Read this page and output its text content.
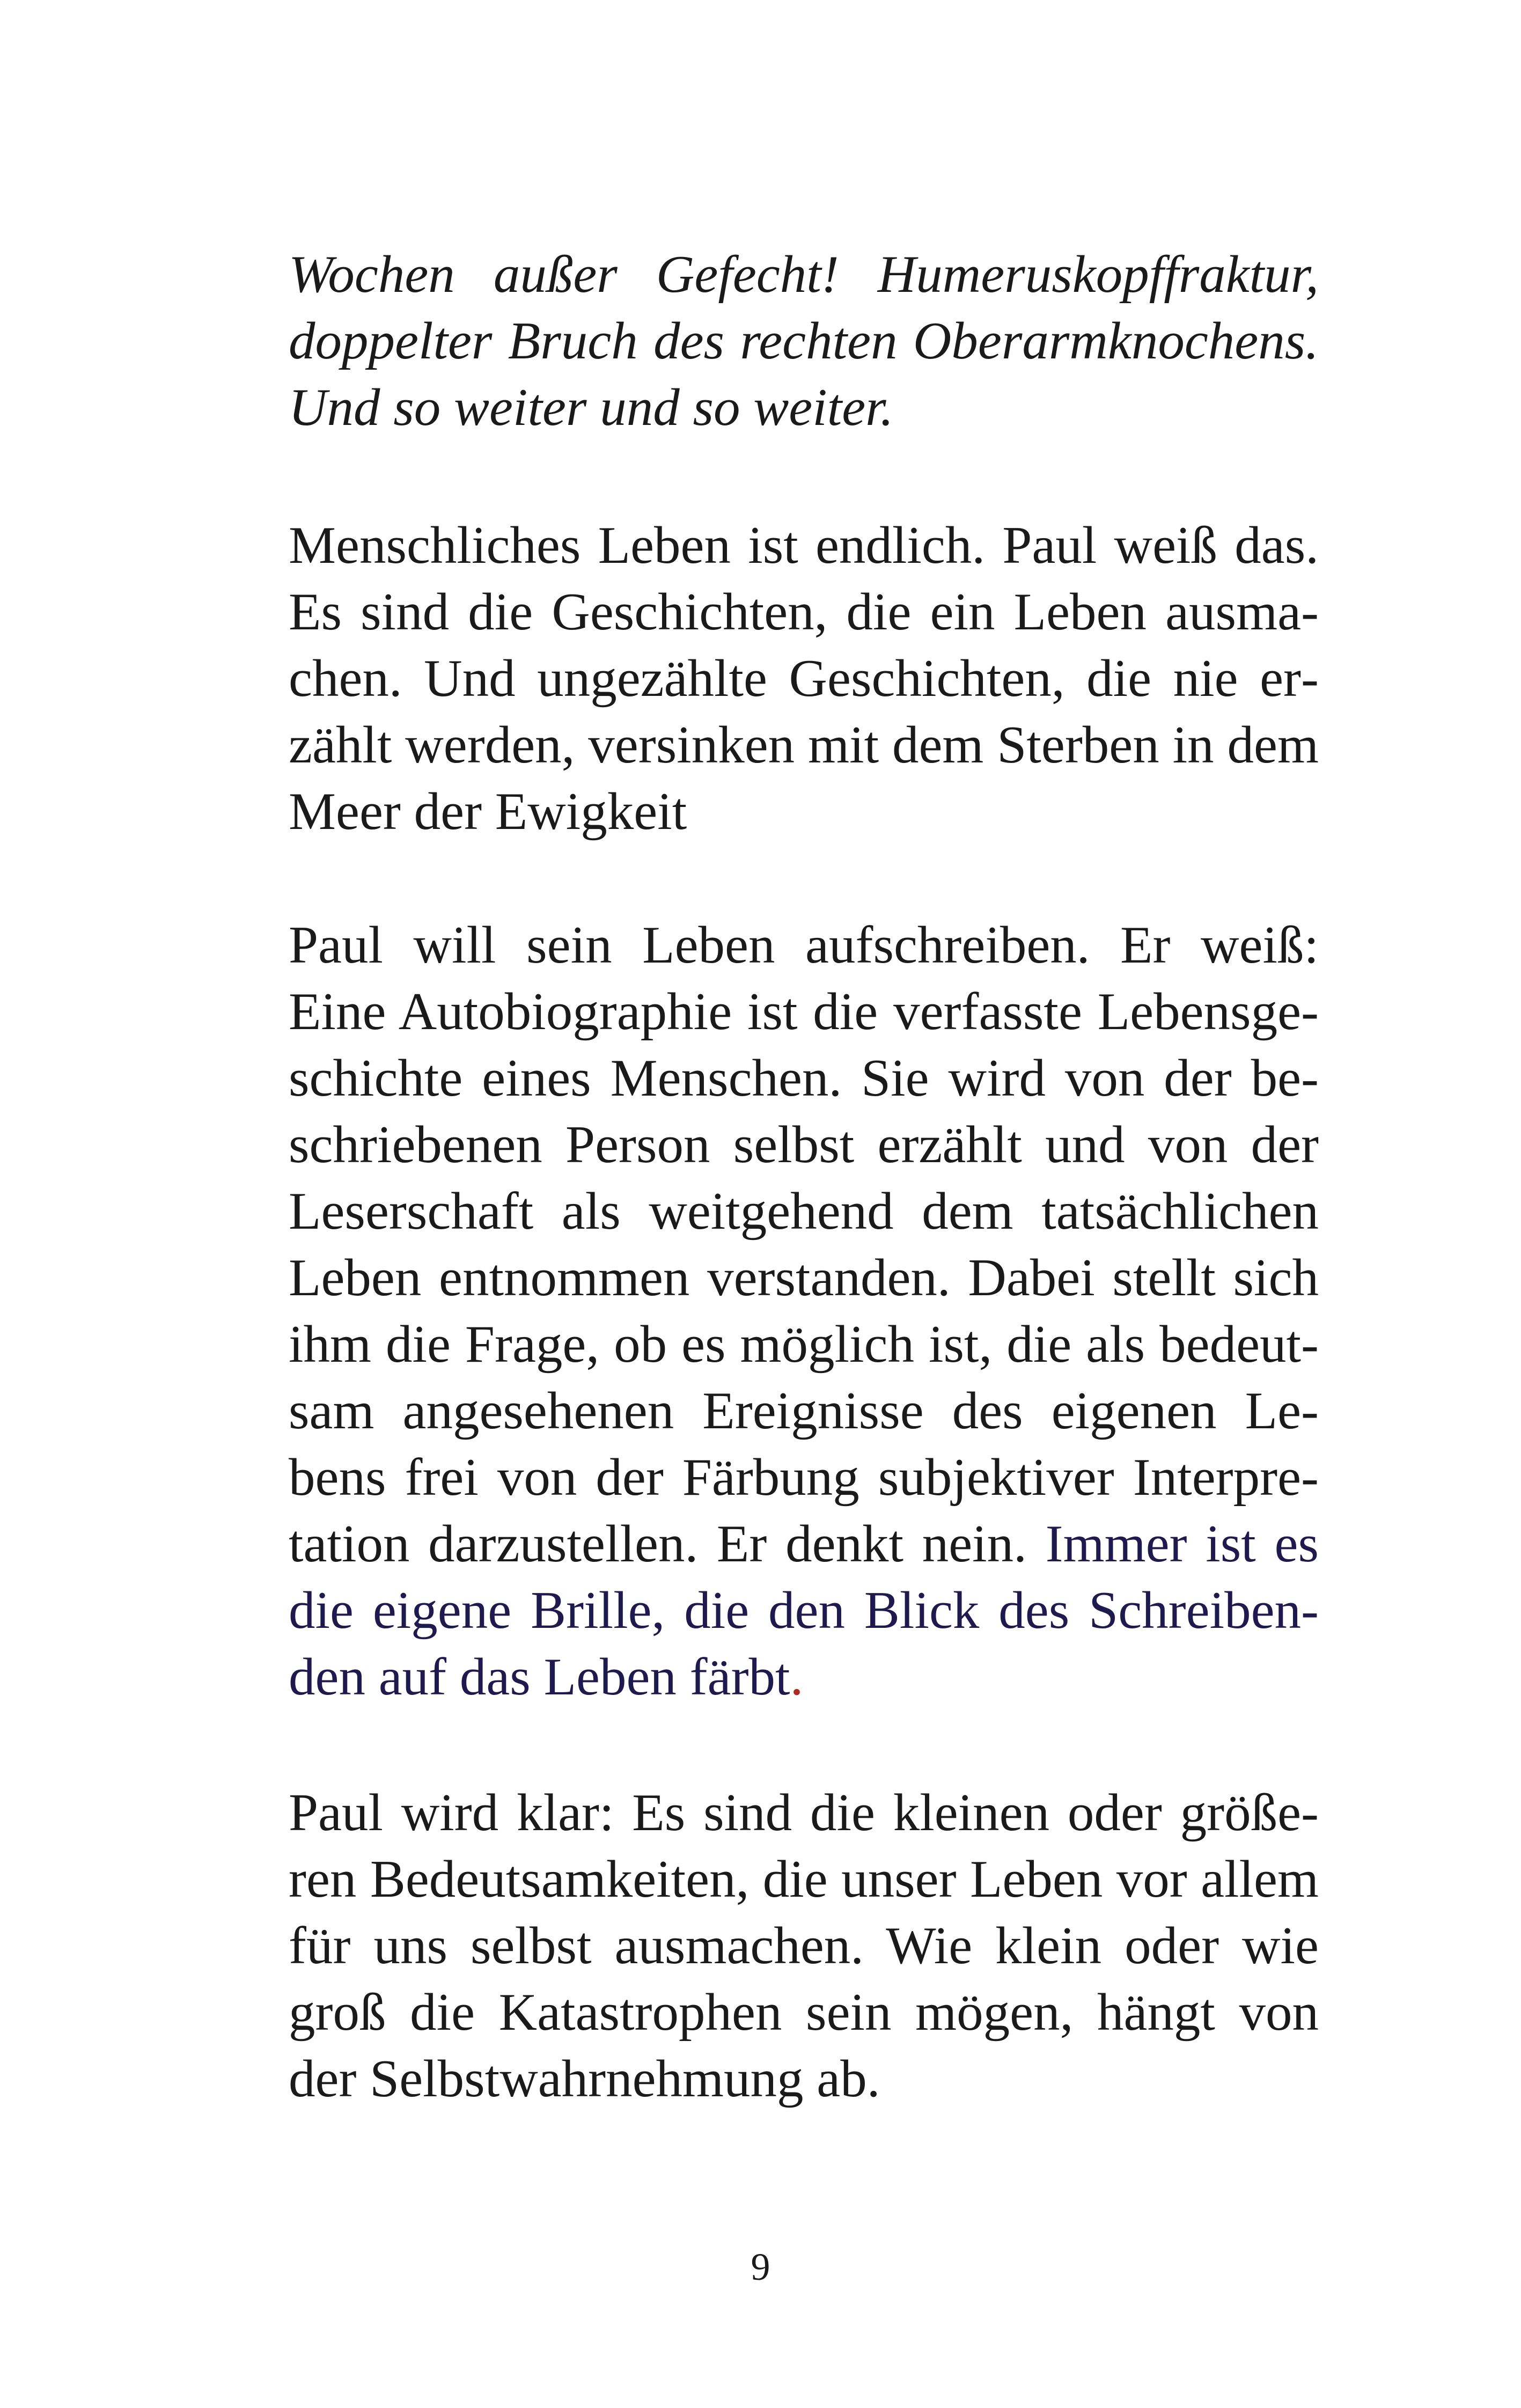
Wochen außer Gefecht! Humeruskopffraktur, doppelter Bruch des rechten Oberarmknochens. Und so weiter und so weiter.

Menschliches Leben ist endlich. Paul weiß das. Es sind die Geschichten, die ein Leben ausmachen. Und ungezählte Geschichten, die nie erzählt werden, versinken mit dem Sterben in dem Meer der Ewigkeit

Paul will sein Leben aufschreiben. Er weiß: Eine Autobiographie ist die verfasste Lebensgeschichte eines Menschen. Sie wird von der beschriebenen Person selbst erzählt und von der Leserschaft als weitgehend dem tatsächlichen Leben entnommen verstanden. Dabei stellt sich ihm die Frage, ob es möglich ist, die als bedeutsam angesehenen Ereignisse des eigenen Lebens frei von der Färbung subjektiver Interpretation darzustellen. Er denkt nein. Immer ist es die eigene Brille, die den Blick des Schreibenden auf das Leben färbt.

Paul wird klar: Es sind die kleinen oder größeren Bedeutsamkeiten, die unser Leben vor allem für uns selbst ausmachen. Wie klein oder wie groß die Katastrophen sein mögen, hängt von der Selbstwahrnehmung ab.

9
